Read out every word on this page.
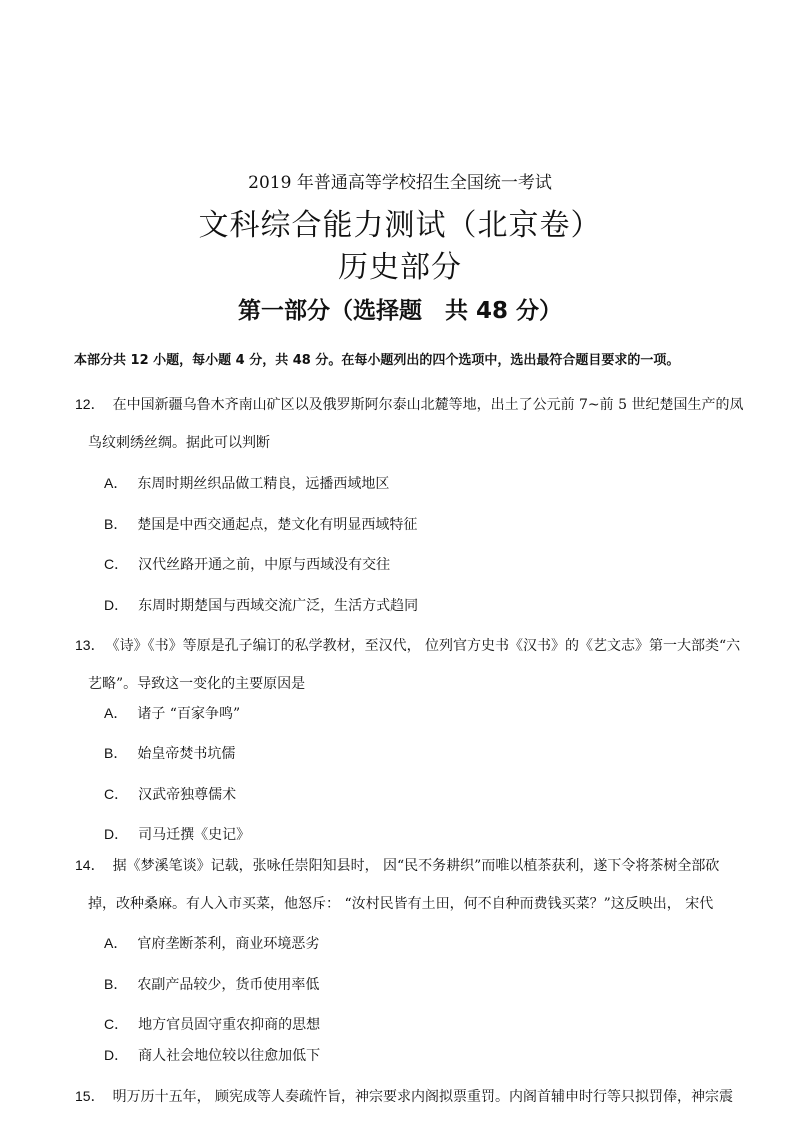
2019 年普通高等学校招生全国统一考试
文科综合能力测试（北京卷）
历史部分
第一部分（选择题　共 48 分）
本部分共 12 小题，每小题 4 分，共 48 分。在每小题列出的四个选项中，选出最符合题目要求的一项。
12． 在中国新疆乌鲁木齐南山矿区以及俄罗斯阿尔泰山北麓等地，出土了公元前 7~前 5 世纪楚国生产的凤
鸟纹刺绣丝绸。据此可以判断
A． 东周时期丝织品做工精良，远播西域地区
B． 楚国是中西交通起点，楚文化有明显西域特征
C． 汉代丝路开通之前，中原与西域没有交往
D． 东周时期楚国与西域交流广泛，生活方式趋同
13． 《诗》《书》等原是孔子编订的私学教材，至汉代， 位列官方史书《汉书》的《艺文志》第一大部类“六
艺略”。导致这一变化的主要原因是
A． 诸子 “百家争鸣”
B． 始皇帝焚书坑儒
C． 汉武帝独尊儒术
D． 司马迁撰《史记》
14． 据《梦溪笔谈》记载，张咏任崇阳知县时， 因“民不务耕织”而唯以植茶获利，遂下令将茶树全部砍
掉，改种桑麻。有人入市买菜，他怒斥： “汝村民皆有土田，何不自种而费钱买菜？”这反映出， 宋代
A． 官府垄断茶利，商业环境恶劣
B． 农副产品较少，货币使用率低
C． 地方官员固守重农抑商的思想
D． 商人社会地位较以往愈加低下
15． 明万历十五年， 顾宪成等人奏疏忤旨，神宗要求内阁拟票重罚。内阁首辅申时行等只拟罚俸，神宗震
